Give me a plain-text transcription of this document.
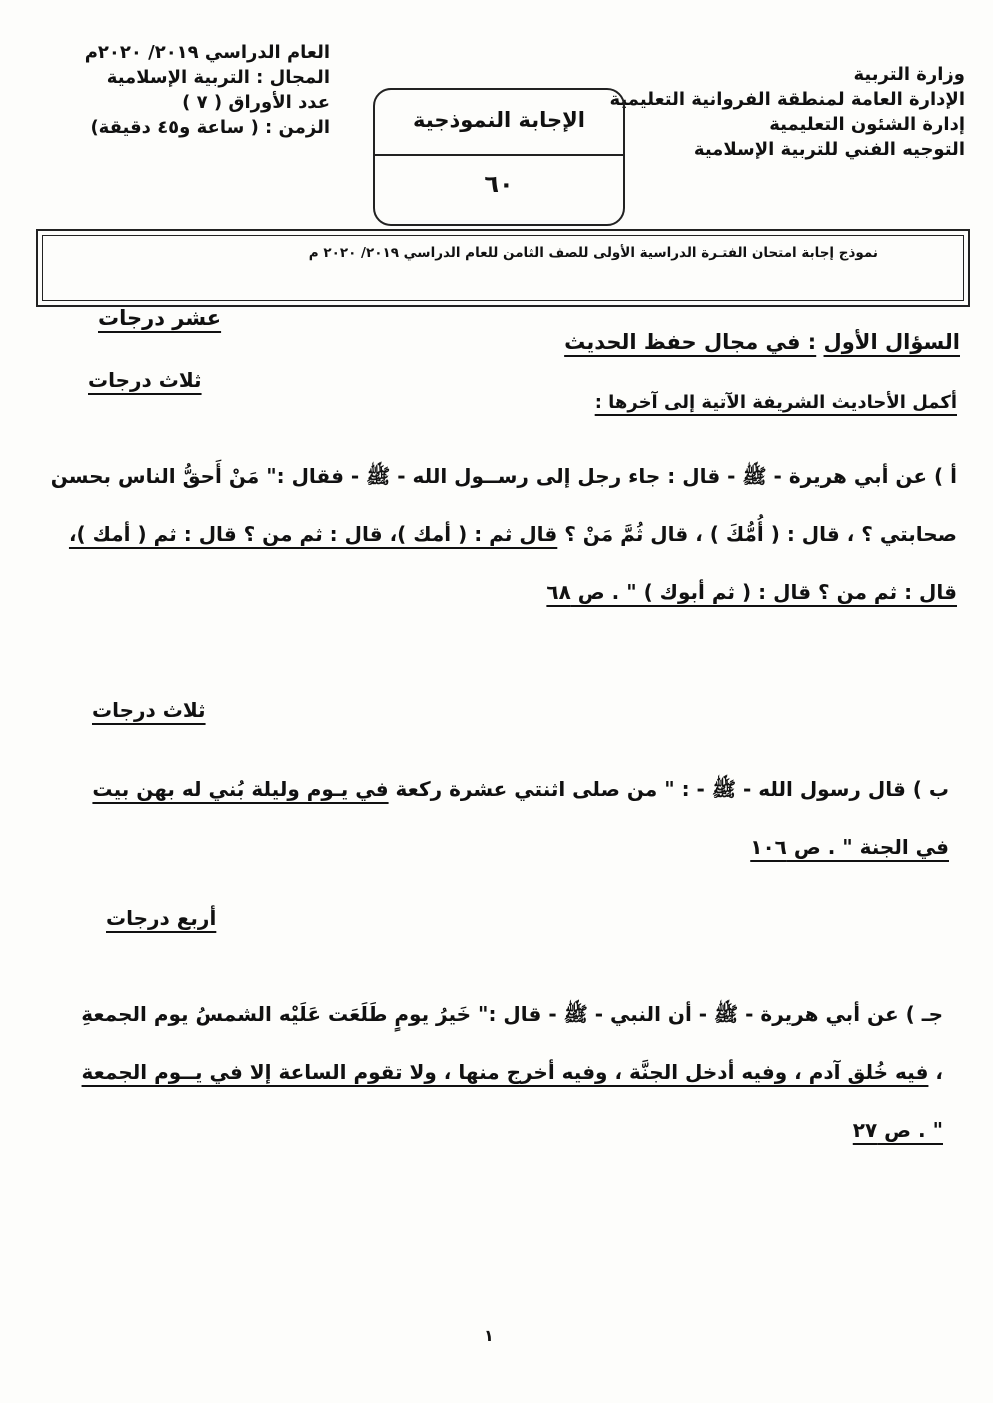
وزارة التربية
الإدارة العامة لمنطقة الفروانية التعليمية
إدارة الشئون التعليمية
التوجيه الفني للتربية الإسلامية
العام الدراسي ٢٠١٩/ ٢٠٢٠م
المجال : التربية الإسلامية
عدد الأوراق ( ٧ )
الزمن : ( ساعة و٤٥ دقيقة)	الإجابة النموذجية
٦٠
نموذج إجابة امتحان الفتـرة الدراسية الأولى للصف الثامن للعام الدراسي ٢٠١٩/ ٢٠٢٠ م
السؤال الأول : في مجال حفظ الحديث
عشر درجات
أكمل الأحاديث الشريفة الآتية إلى آخرها :
ثلاث درجات
أ ) عن أبي هريرة - ﷺ - قال : جاء رجل إلى رســول الله - ﷺ - فقال :" مَنْ أَحقُّ الناس بحسن صحابتي ؟ ، قال : ( أُمُّكَ ) ، قال ثُمَّ مَنْ ؟ قال ثم : ( أمك )، قال : ثم من ؟ قال : ثم ( أمك )، قال : ثم من ؟ قال : ( ثم أبوك ) " . ص ٦٨
ثلاث درجات
ب ) قال رسول الله - ﷺ - : " من صلى اثنتي عشرة ركعة في يـوم وليلة بُني له بهن بيت في الجنة " . ص ١٠٦
أربع درجات
جـ ) عن أبي هريرة - ﷺ - أن النبي - ﷺ - قال :" خَيرُ يومٍ طَلَعَت عَلَيْه الشمسُ يوم الجمعةِ ، فيه خُلق آدم ، وفيه أدخل الجنَّة ، وفيه أخرج منها ، ولا تقوم الساعة إلا في يــوم الجمعة " . ص ٢٧
١
